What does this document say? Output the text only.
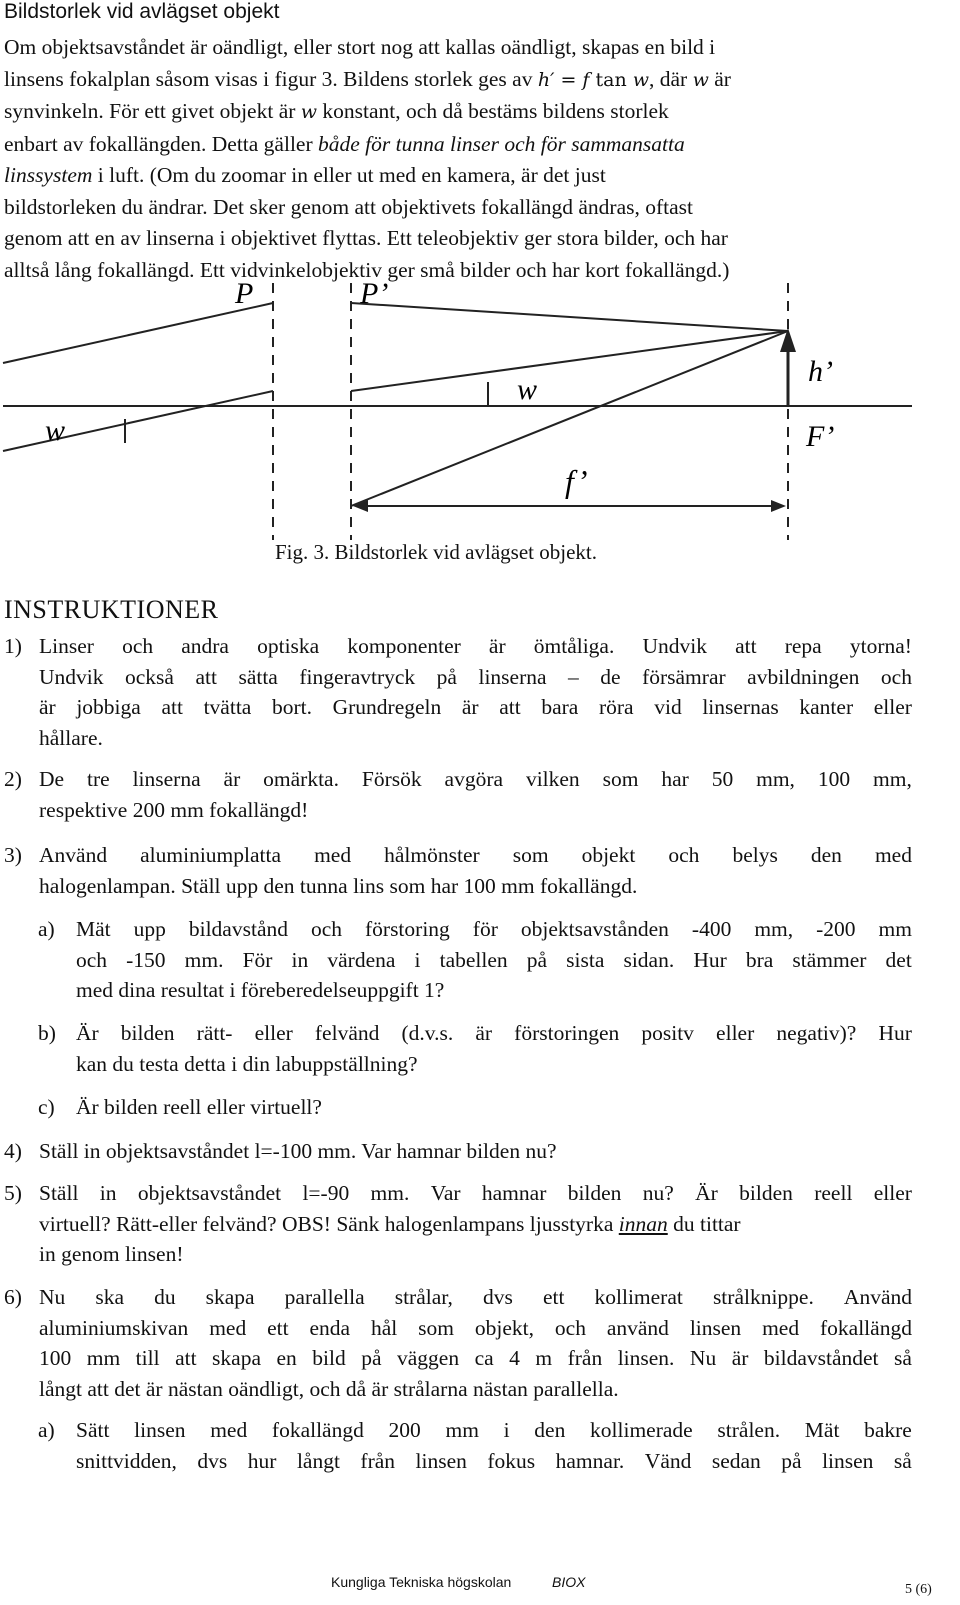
Bildstorlek vid avlägset objekt
Om objektsavståndet är oändligt, eller stort nog att kallas oändligt, skapas en bild i
linsens fokalplan såsom visas i figur 3. Bildens storlek ges av h′ = f tan w, där w är
synvinkeln. För ett givet objekt är w konstant, och då bestäms bildens storlek
enbart av fokallängden. Detta gäller både för tunna linser och för sammansatta
linssystem i luft. (Om du zoomar in eller ut med en kamera, är det just
bildstorleken du ändrar. Det sker genom att objektivets fokallängd ändras, oftast
genom att en av linserna i objektivet flyttas. Ett teleobjektiv ger stora bilder, och har
alltså lång fokallängd. Ett vidvinkelobjektiv ger små bilder och har kort fokallängd.)
P	P’
h’
F’
w
w
f’
Fig. 3. Bildstorlek vid avlägset objekt.
INSTRUKTIONER
1) Linser och andra optiska komponenter är ömtåliga. Undvik att repa ytorna!
Undvik också att sätta fingeravtryck på linserna – de försämrar avbildningen och
är jobbiga att tvätta bort. Grundregeln är att bara röra vid linsernas kanter eller
hållare.
2) De tre linserna är omärkta. Försök avgöra vilken som har 50 mm, 100 mm,
respektive 200 mm fokallängd!
3) Använd aluminiumplatta med hålmönster som objekt och belys den med
halogenlampan. Ställ upp den tunna lins som har 100 mm fokallängd.
a) Mät upp bildavstånd och förstoring för objektsavstånden -400 mm, -200 mm
och -150 mm. För in värdena i tabellen på sista sidan. Hur bra stämmer det
med dina resultat i föreberedelseuppgift 1?
b) Är bilden rätt- eller felvänd (d.v.s. är förstoringen positv eller negativ)? Hur
kan du testa detta i din labuppställning?
c) Är bilden reell eller virtuell?
4) Ställ in objektsavståndet l=-100 mm. Var hamnar bilden nu?
5) Ställ in objektsavståndet l=-90 mm. Var hamnar bilden nu? Är bilden reell eller
virtuell? Rätt-eller felvänd? OBS! Sänk halogenlampans ljusstyrka innan du tittar
in genom linsen!
6) Nu ska du skapa parallella strålar, dvs ett kollimerat strålknippe. Använd
aluminiumskivan med ett enda hål som objekt, och använd linsen med fokallängd
100 mm till att skapa en bild på väggen ca 4 m från linsen. Nu är bildavståndet så
långt att det är nästan oändligt, och då är strålarna nästan parallella.
a) Sätt linsen med fokallängd 200 mm i den kollimerade strålen. Mät bakre
snittvidden, dvs hur långt från linsen fokus hamnar. Vänd sedan på linsen så
Kungliga Tekniska högskolan	BIOX	5 (6)
